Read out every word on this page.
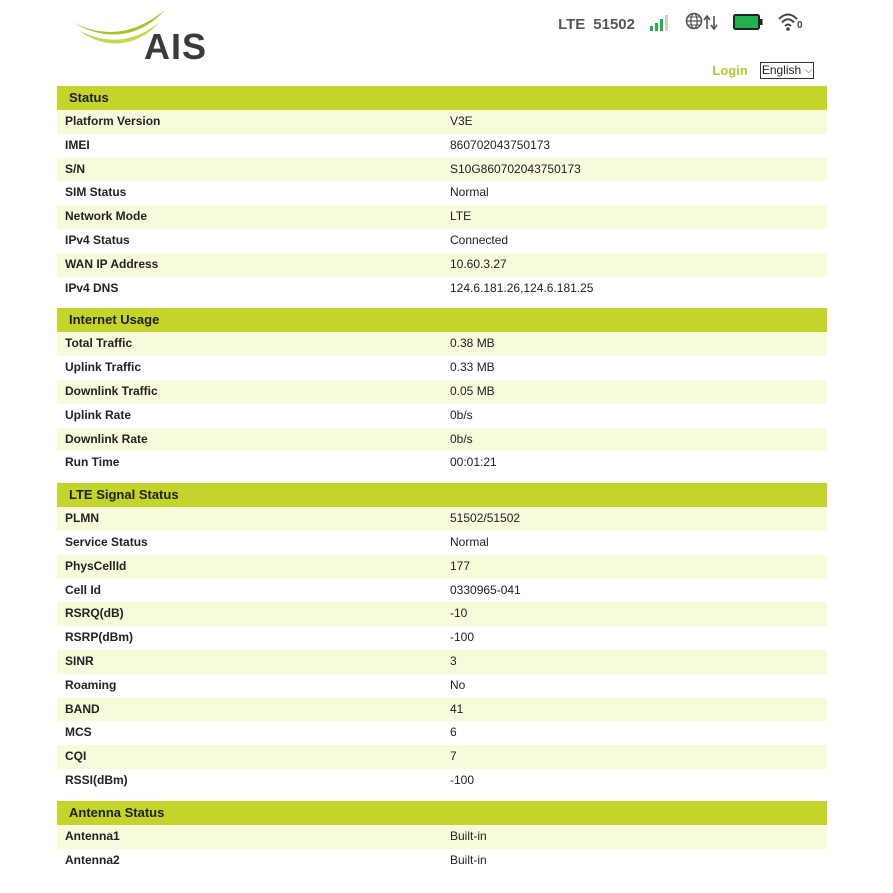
AIS
LTE 51502	0
Login English ⌵
Status
Platform Version	V3E
IMEI	860702043750173
S/N	S10G860702043750173
SIM Status	Normal
Network Mode	LTE
IPv4 Status	Connected
WAN IP Address	10.60.3.27
IPv4 DNS	124.6.181.26,124.6.181.25
Internet Usage
Total Traffic	0.38 MB
Uplink Traffic	0.33 MB
Downlink Traffic	0.05 MB
Uplink Rate	0b/s
Downlink Rate	0b/s
Run Time	00:01:21
LTE Signal Status
PLMN	51502/51502
Service Status	Normal
PhysCellId	177
Cell Id	0330965-041
RSRQ(dB)	-10
RSRP(dBm)	-100
SINR	3
Roaming	No
BAND	41
MCS	6
CQI	7
RSSI(dBm)	-100
Antenna Status
Antenna1	Built-in
Antenna2	Built-in
